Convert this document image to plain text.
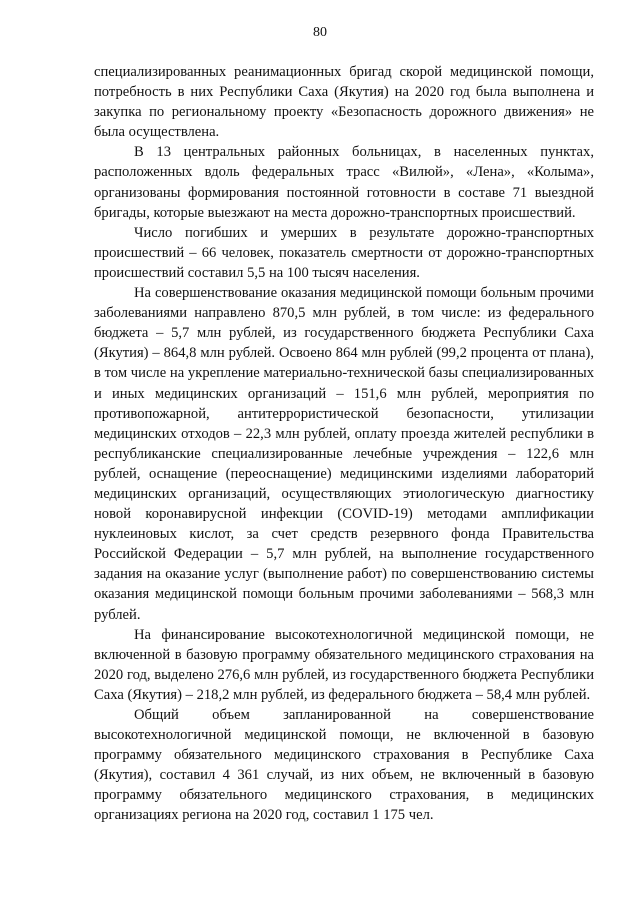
80

специализированных реанимационных бригад скорой медицинской помощи, потребность в них Республики Саха (Якутия) на 2020 год была выполнена и закупка по региональному проекту «Безопасность дорожного движения» не была осуществлена.

В 13 центральных районных больницах, в населенных пунктах, расположенных вдоль федеральных трасс «Вилюй», «Лена», «Колыма», организованы формирования постоянной готовности в составе 71 выездной бригады, которые выезжают на места дорожно-транспортных происшествий.

Число погибших и умерших в результате дорожно-транспортных происшествий – 66 человек, показатель смертности от дорожно-транспортных происшествий составил 5,5 на 100 тысяч населения.

На совершенствование оказания медицинской помощи больным прочими заболеваниями направлено 870,5 млн рублей, в том числе: из федерального бюджета – 5,7 млн рублей, из государственного бюджета Республики Саха (Якутия) – 864,8 млн рублей. Освоено 864 млн рублей (99,2 процента от плана), в том числе на укрепление материально-технической базы специализированных и иных медицинских организаций – 151,6 млн рублей, мероприятия по противопожарной, антитеррористической безопасности, утилизации медицинских отходов – 22,3 млн рублей, оплату проезда жителей республики в республиканские специализированные лечебные учреждения – 122,6 млн рублей, оснащение (переоснащение) медицинскими изделиями лабораторий медицинских организаций, осуществляющих этиологическую диагностику новой коронавирусной инфекции (COVID-19) методами амплификации нуклеиновых кислот, за счет средств резервного фонда Правительства Российской Федерации – 5,7 млн рублей, на выполнение государственного задания на оказание услуг (выполнение работ) по совершенствованию системы оказания медицинской помощи больным прочими заболеваниями – 568,3 млн рублей.

На финансирование высокотехнологичной медицинской помощи, не включенной в базовую программу обязательного медицинского страхования на 2020 год, выделено 276,6 млн рублей, из государственного бюджета Республики Саха (Якутия) – 218,2 млн рублей, из федерального бюджета – 58,4 млн рублей.

Общий объем запланированной на совершенствование высокотехнологичной медицинской помощи, не включенной в базовую программу обязательного медицинского страхования в Республике Саха (Якутия), составил 4 361 случай, из них объем, не включенный в базовую программу обязательного медицинского страхования, в медицинских организациях региона на 2020 год, составил 1 175 чел.
